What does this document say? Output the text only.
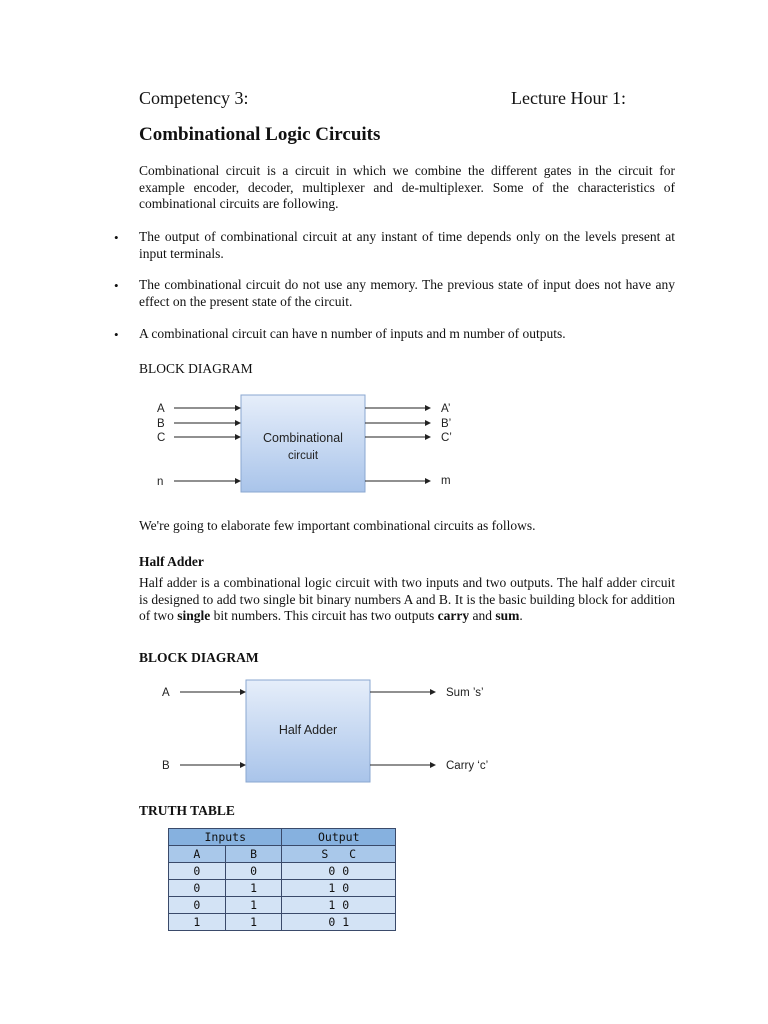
Competency 3:	Lecture Hour 1:
Combinational Logic Circuits
Combinational circuit is a circuit in which we combine the different gates in the circuit for example encoder, decoder, multiplexer and de-multiplexer. Some of the characteristics of combinational circuits are following.
• The output of combinational circuit at any instant of time depends only on the levels present at input terminals.
• The combinational circuit do not use any memory. The previous state of input does not have any effect on the present state of the circuit.
• A combinational circuit can have n number of inputs and m number of outputs.
BLOCK DIAGRAM
Combinational
circuit
A
B
C
n
A’
B’
C’
m
We're going to elaborate few important combinational circuits as follows.
Half Adder
Half adder is a combinational logic circuit with two inputs and two outputs. The half adder circuit is designed to add two single bit binary numbers A and B. It is the basic building block for addition of two single bit numbers. This circuit has two outputs carry and sum.
BLOCK DIAGRAM
Half Adder
A
B
Sum ’s’
Carry ‘c’
TRUTH TABLE
Inputs		Output
A	B	S C
0	0	0 0
0	1	1 0
0	1	1 0
1	1	0 1
